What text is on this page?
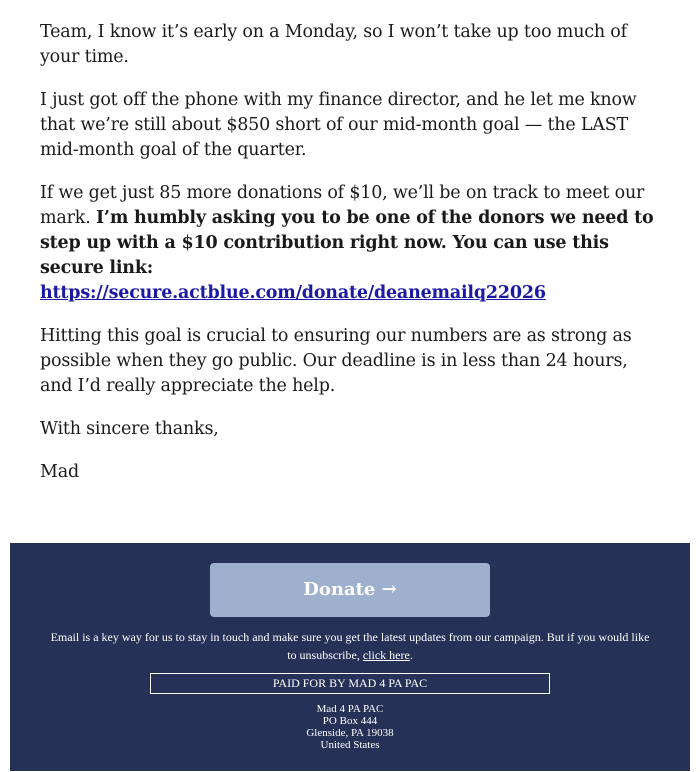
Team, I know it’s early on a Monday, so I won’t take up too much of your time.

I just got off the phone with my finance director, and he let me know that we’re still about $850 short of our mid-month goal — the LAST mid-month goal of the quarter.

If we get just 85 more donations of $10, we’ll be on track to meet our mark. I’m humbly asking you to be one of the donors we need to step up with a $10 contribution right now. You can use this secure link:
https://secure.actblue.com/donate/deanemailq22026

Hitting this goal is crucial to ensuring our numbers are as strong as possible when they go public. Our deadline is in less than 24 hours, and I’d really appreciate the help.

With sincere thanks,

Mad

Donate →
Email is a key way for us to stay in touch and make sure you get the latest updates from our campaign. But if you would like to unsubscribe, click here.
PAID FOR BY MAD 4 PA PAC
Mad 4 PA PAC
PO Box 444
Glenside, PA 19038
United States
